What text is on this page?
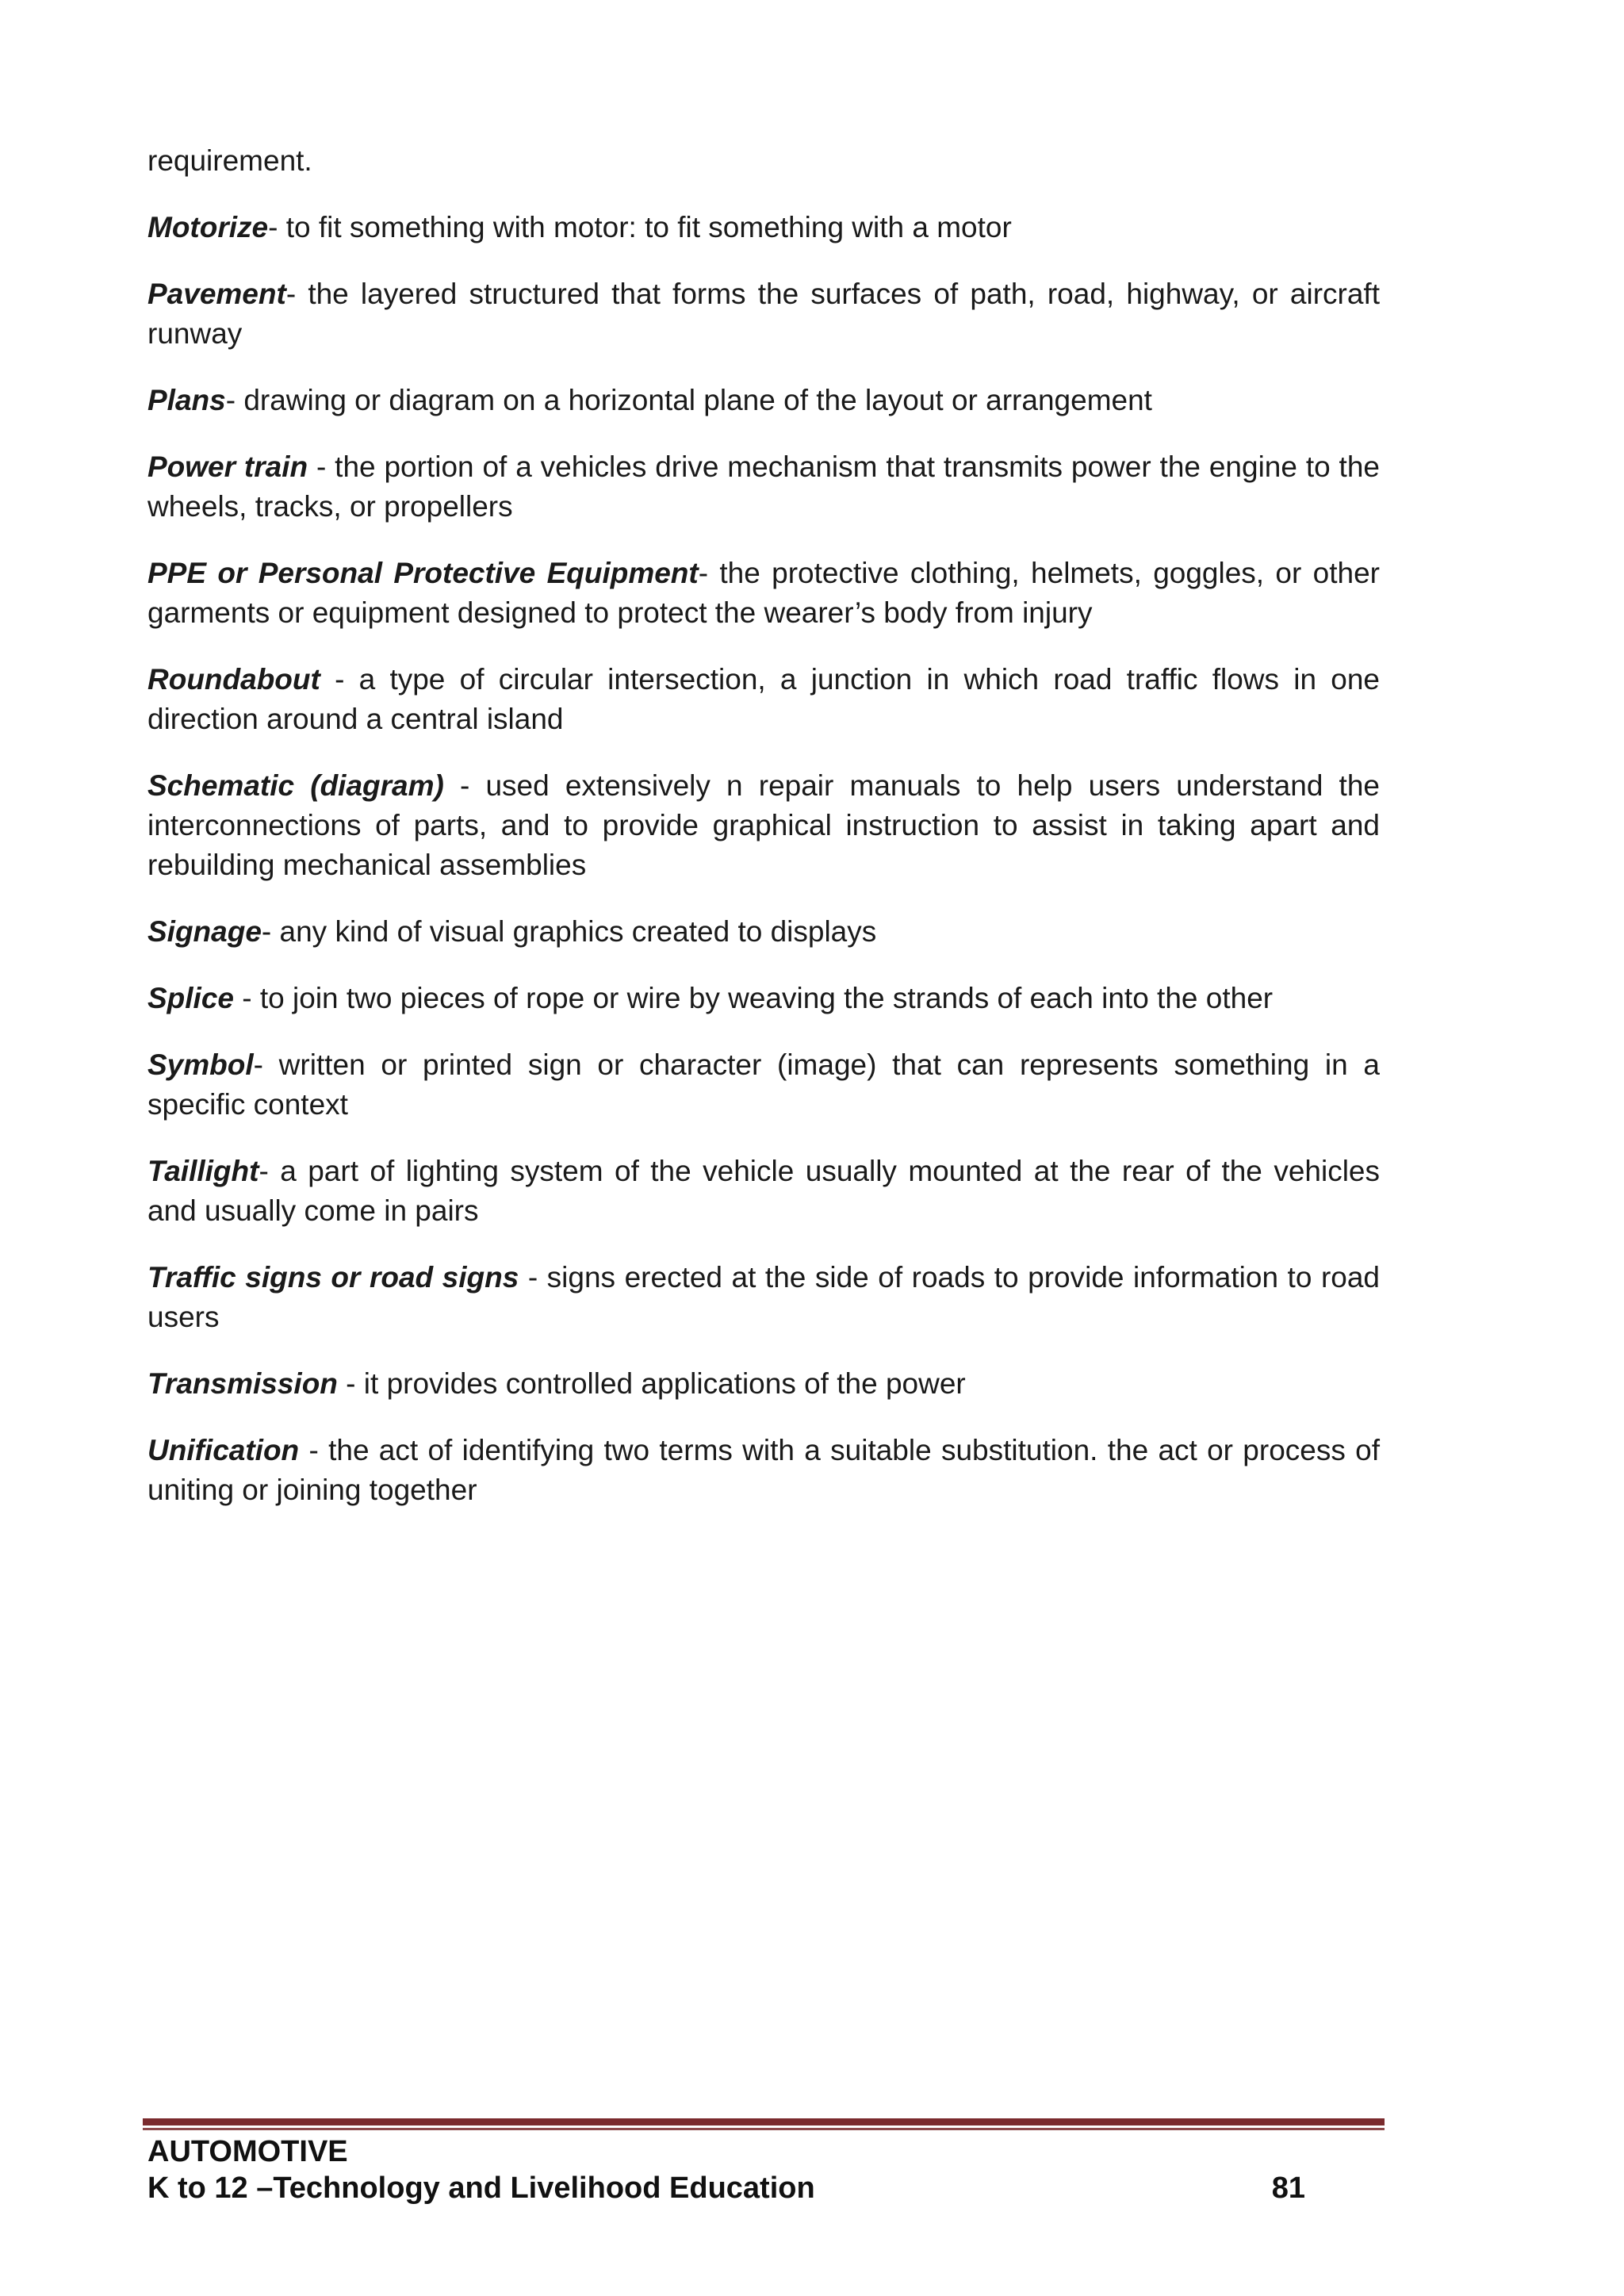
requirement.

Motorize- to fit something with motor: to fit something with a motor

Pavement- the layered structured that forms the surfaces of path, road, highway, or aircraft runway

Plans- drawing or diagram on a horizontal plane of the layout or arrangement

Power train - the portion of a vehicles drive mechanism that transmits power the engine to the wheels, tracks, or propellers

PPE or Personal Protective Equipment- the protective clothing, helmets, goggles, or other garments or equipment designed to protect the wearer’s body from injury

Roundabout - a type of circular intersection, a junction in which road traffic flows in one direction around a central island

Schematic (diagram) - used extensively n repair manuals to help users understand the interconnections of parts, and to provide graphical instruction to assist in taking apart and rebuilding mechanical assemblies

Signage- any kind of visual graphics created to displays

Splice - to join two pieces of rope or wire by weaving the strands of each into the other

Symbol- written or printed sign or character (image) that can represents something in a specific context

Taillight- a part of lighting system of the vehicle usually mounted at the rear of the vehicles and usually come in pairs

Traffic signs or road signs - signs erected at the side of roads to provide information to road users

Transmission - it provides controlled applications of the power

Unification - the act of identifying two terms with a suitable substitution. the act or process of uniting or joining together

AUTOMOTIVE
K to 12 –Technology and Livelihood Education	81
